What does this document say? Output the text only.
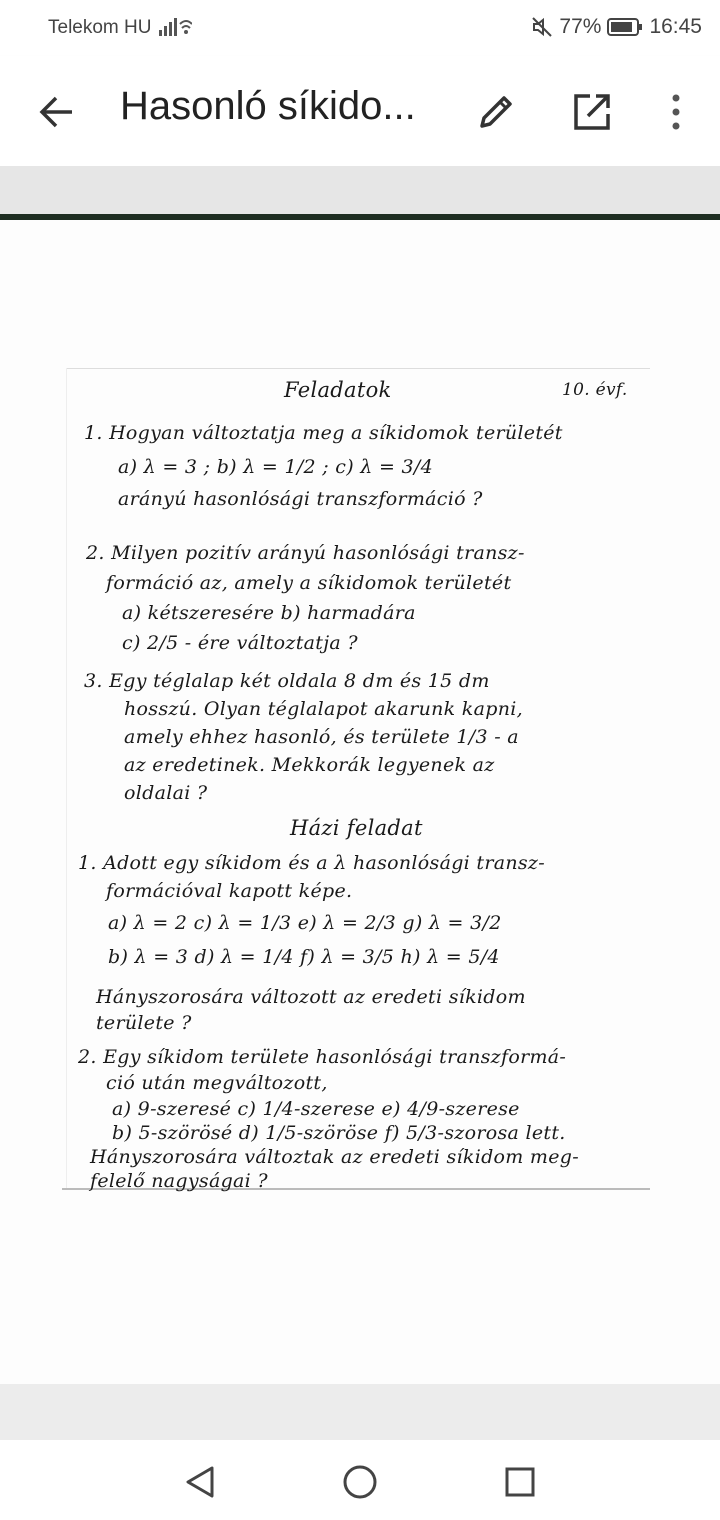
Telekom HU	77% 16:45
Hasonló síkido...
Feladatok	10. évf.
1. Hogyan változtatja meg a síkidomok területét
a) λ = 3 ; b) λ = 1/2 ; c) λ = 3/4
arányú hasonlósági transzformáció ?
2. Milyen pozitív arányú hasonlósági transz-
formáció az, amely a síkidomok területét
a) kétszeresére b) harmadára
c) 2/5 - ére változtatja ?
3. Egy téglalap két oldala 8 dm és 15 dm
hosszú. Olyan téglalapot akarunk kapni,
amely ehhez hasonló, és területe 1/3 - a
az eredetinek. Mekkorák legyenek az
oldalai ?
Házi feladat
1. Adott egy síkidom és a λ hasonlósági transz-
formációval kapott képe.
a) λ = 2 c) λ = 1/3 e) λ = 2/3 g) λ = 3/2
b) λ = 3 d) λ = 1/4 f) λ = 3/5 h) λ = 5/4
Hányszorosára változott az eredeti síkidom
területe ?
2. Egy síkidom területe hasonlósági transzformá-
ció után megváltozott,
a) 9-szeresé c) 1/4-szerese e) 4/9-szerese
b) 5-szörösé d) 1/5-szöröse f) 5/3-szorosa lett.
Hányszorosára változtak az eredeti síkidom meg-
felelő nagyságai ?
